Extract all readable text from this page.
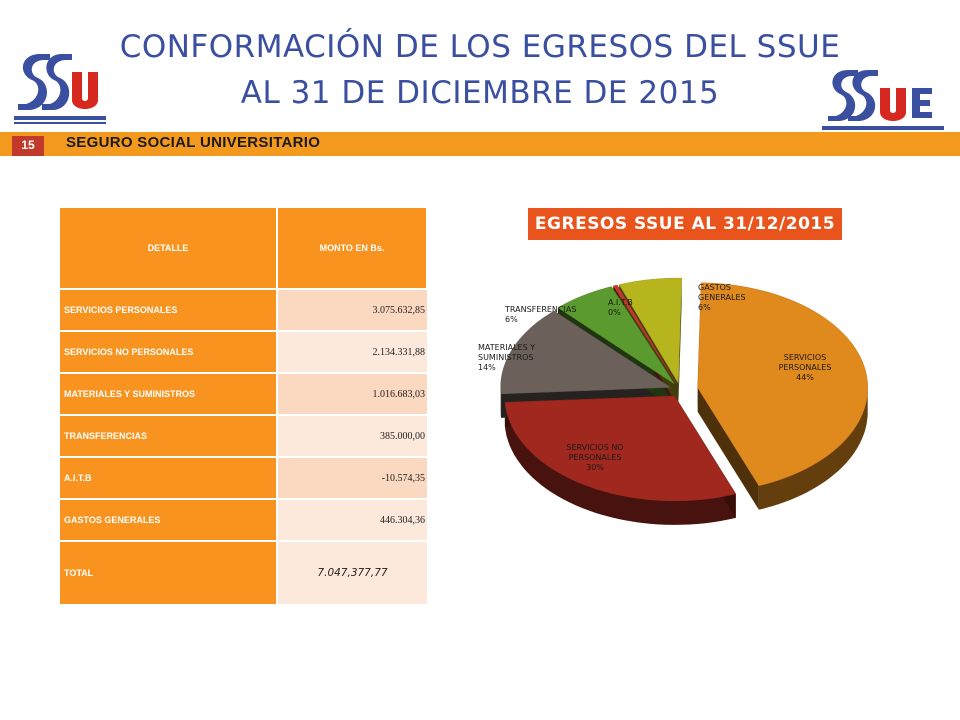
CONFORMACIÓN DE LOS EGRESOS DEL SSUE
AL 31 DE DICIEMBRE DE 2015
SEGURO SOCIAL UNIVERSITARIO
15
DETALLE	MONTO EN Bs.
SERVICIOS PERSONALES	3.075.632,85
SERVICIOS NO PERSONALES	2.134.331,88
MATERIALES Y SUMINISTROS	1.016.683,03
TRANSFERENCIAS	385.000,00
A.I.T.B	-10.574,35
GASTOS GENERALES	446.304,36
TOTAL	7.047,377,77
EGRESOS SSUE AL 31/12/2015
SERVICIOS PERSONALES 44%
SERVICIOS NO PERSONALES 30%
MATERIALES Y SUMINISTROS 14%
TRANSFERENCIAS 6%
A.I.T.B 0%
GASTOS GENERALES 6%
